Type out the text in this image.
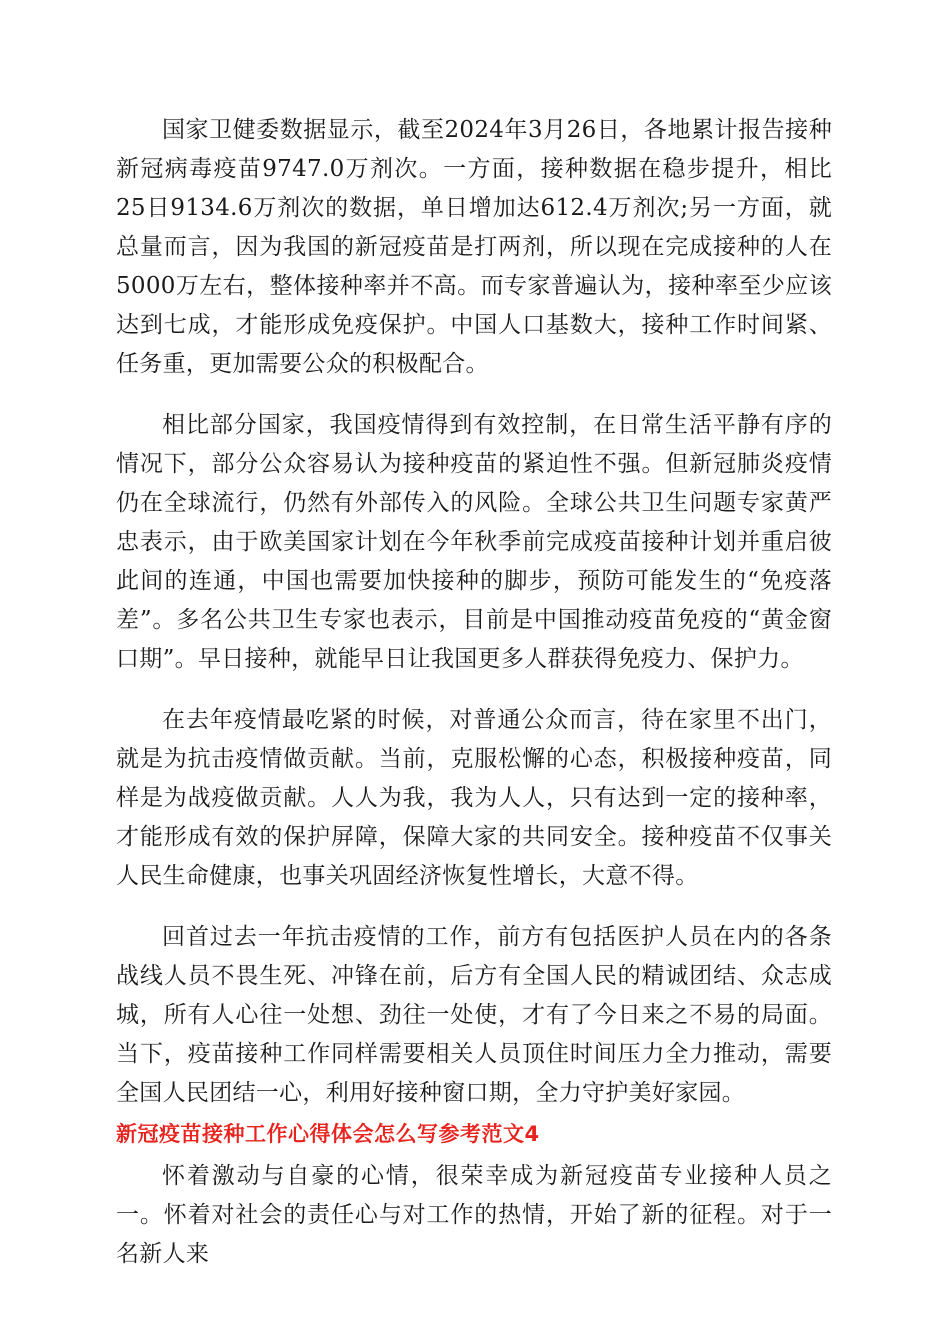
国家卫健委数据显示，截至2024年3月26日，各地累计报告接种新冠病毒疫苗9747.0万剂次。一方面，接种数据在稳步提升，相比25日9134.6万剂次的数据，单日增加达612.4万剂次;另一方面，就总量而言，因为我国的新冠疫苗是打两剂，所以现在完成接种的人在5000万左右，整体接种率并不高。而专家普遍认为，接种率至少应该达到七成，才能形成免疫保护。中国人口基数大，接种工作时间紧、任务重，更加需要公众的积极配合。

相比部分国家，我国疫情得到有效控制，在日常生活平静有序的情况下，部分公众容易认为接种疫苗的紧迫性不强。但新冠肺炎疫情仍在全球流行，仍然有外部传入的风险。全球公共卫生问题专家黄严忠表示，由于欧美国家计划在今年秋季前完成疫苗接种计划并重启彼此间的连通，中国也需要加快接种的脚步，预防可能发生的“免疫落差”。多名公共卫生专家也表示，目前是中国推动疫苗免疫的“黄金窗口期”。早日接种，就能早日让我国更多人群获得免疫力、保护力。

在去年疫情最吃紧的时候，对普通公众而言，待在家里不出门，就是为抗击疫情做贡献。当前，克服松懈的心态，积极接种疫苗，同样是为战疫做贡献。人人为我，我为人人，只有达到一定的接种率，才能形成有效的保护屏障，保障大家的共同安全。接种疫苗不仅事关人民生命健康，也事关巩固经济恢复性增长，大意不得。

回首过去一年抗击疫情的工作，前方有包括医护人员在内的各条战线人员不畏生死、冲锋在前，后方有全国人民的精诚团结、众志成城，所有人心往一处想、劲往一处使，才有了今日来之不易的局面。当下，疫苗接种工作同样需要相关人员顶住时间压力全力推动，需要全国人民团结一心，利用好接种窗口期，全力守护美好家园。

新冠疫苗接种工作心得体会怎么写参考范文4

怀着激动与自豪的心情，很荣幸成为新冠疫苗专业接种人员之一。怀着对社会的责任心与对工作的热情，开始了新的征程。对于一名新人来
